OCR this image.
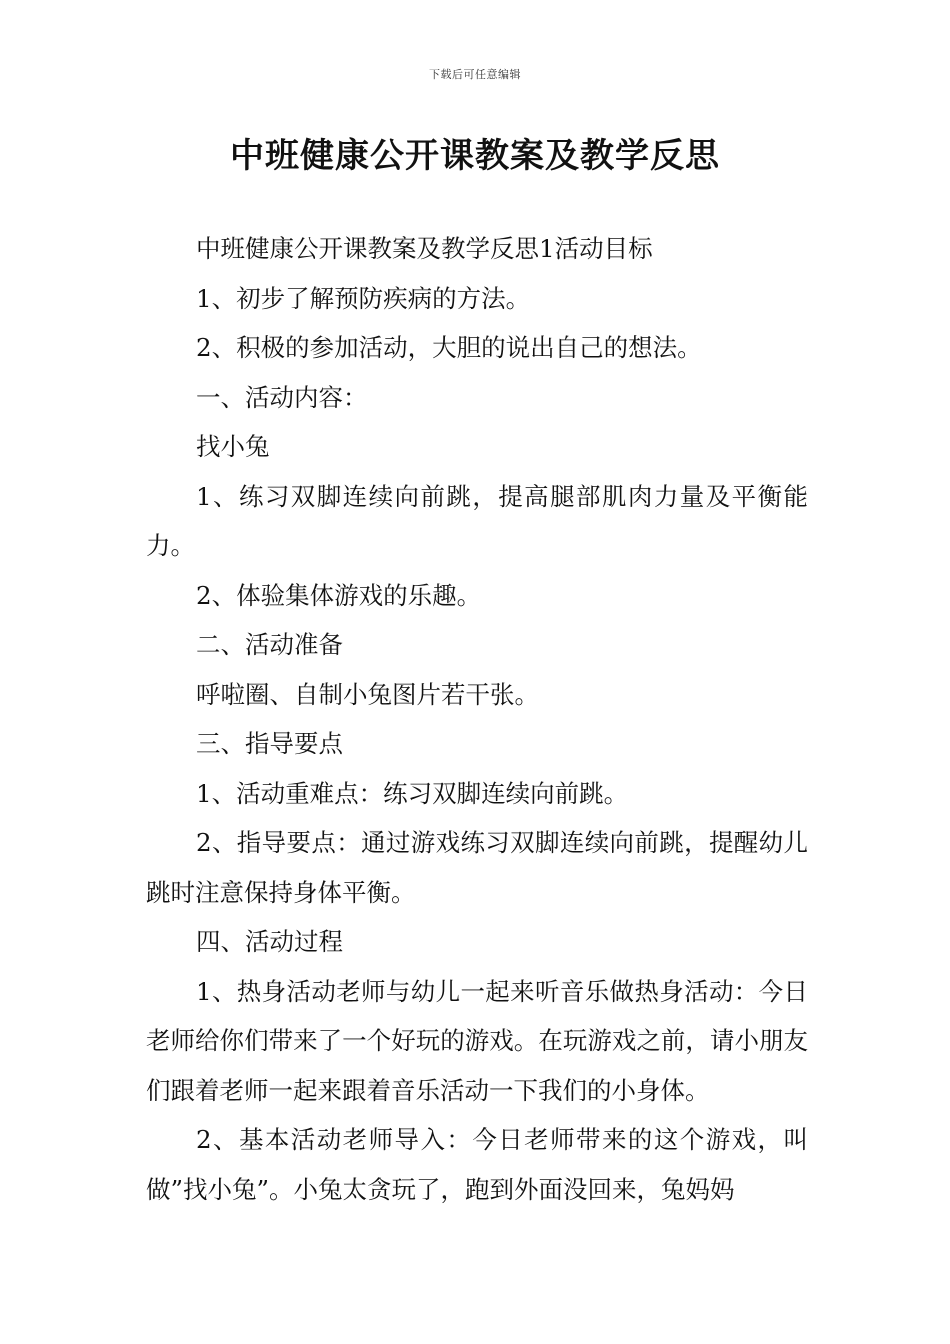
下载后可任意编辑
中班健康公开课教案及教学反思

中班健康公开课教案及教学反思1活动目标

1、初步了解预防疾病的方法。

2、积极的参加活动，大胆的说出自己的想法。

一、活动内容：

找小兔

1、练习双脚连续向前跳，提高腿部肌肉力量及平衡能力。

2、体验集体游戏的乐趣。

二、活动准备

呼啦圈、自制小兔图片若干张。

三、指导要点

1、活动重难点：练习双脚连续向前跳。

2、指导要点：通过游戏练习双脚连续向前跳，提醒幼儿跳时注意保持身体平衡。

四、活动过程

1、热身活动老师与幼儿一起来听音乐做热身活动：今日老师给你们带来了一个好玩的游戏。在玩游戏之前，请小朋友们跟着老师一起来跟着音乐活动一下我们的小身体。

2、基本活动老师导入：今日老师带来的这个游戏，叫做”找小兔”。小兔太贪玩了，跑到外面没回来，兔妈妈
